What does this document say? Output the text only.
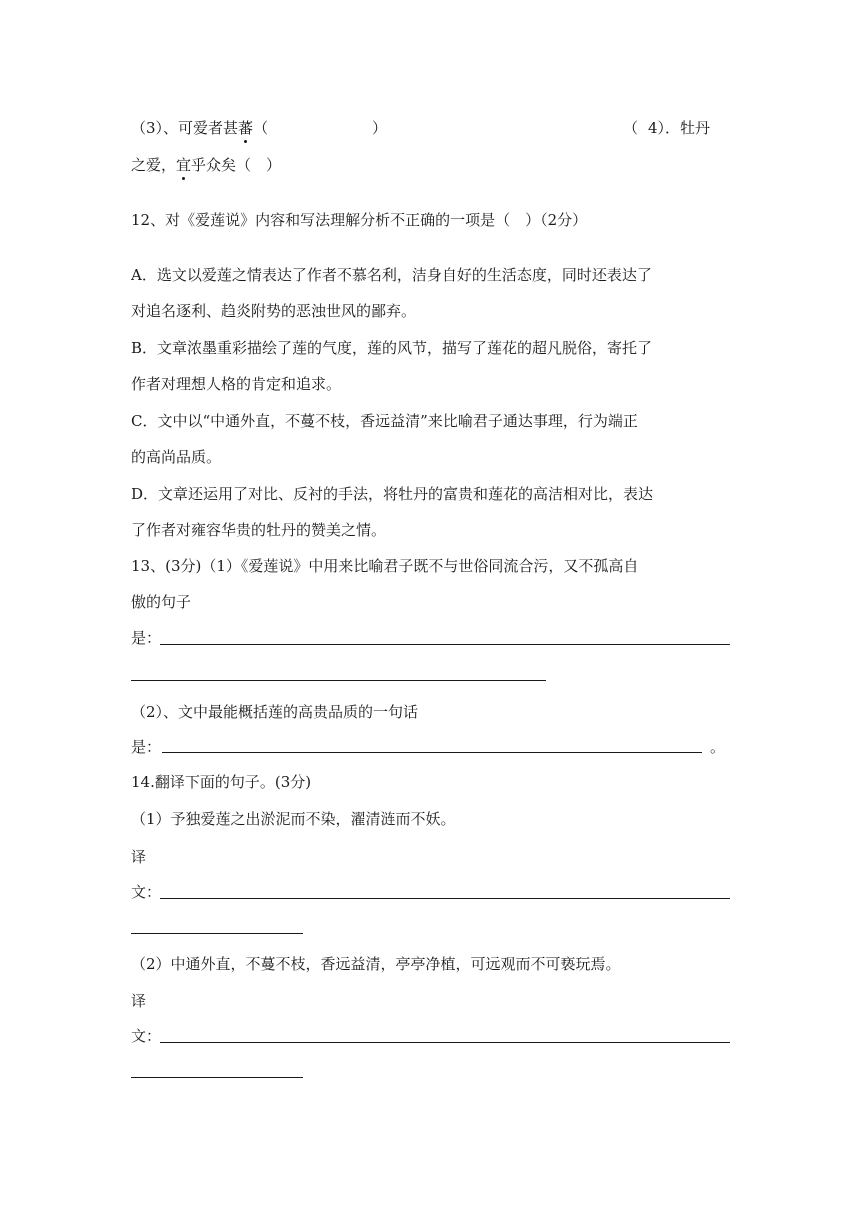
（3）、可爱者甚蕃（	）	（ 4）．牡丹
之爱，宜乎众矣（　）
12、对《爱莲说》内容和写法理解分析不正确的一项是（　）（2分）
A．选文以爱莲之情表达了作者不慕名利，洁身自好的生活态度，同时还表达了
对追名逐利、趋炎附势的恶浊世风的鄙弃。
B．文章浓墨重彩描绘了莲的气度，莲的风节，描写了莲花的超凡脱俗，寄托了
作者对理想人格的肯定和追求。
C．文中以“中通外直，不蔓不枝，香远益清”来比喻君子通达事理，行为端正
的高尚品质。
D．文章还运用了对比、反衬的手法，将牡丹的富贵和莲花的高洁相对比，表达
了作者对雍容华贵的牡丹的赞美之情。
13、(3分)（1）《爱莲说》中用来比喻君子既不与世俗同流合污，又不孤高自
傲的句子
是：
（2）、文中最能概括莲的高贵品质的一句话
是：	。
14.翻译下面的句子。(3分)
（1）予独爱莲之出淤泥而不染，濯清涟而不妖。
译
文：
（2）中通外直，不蔓不枝，香远益清，亭亭净植，可远观而不可亵玩焉。
译
文：
